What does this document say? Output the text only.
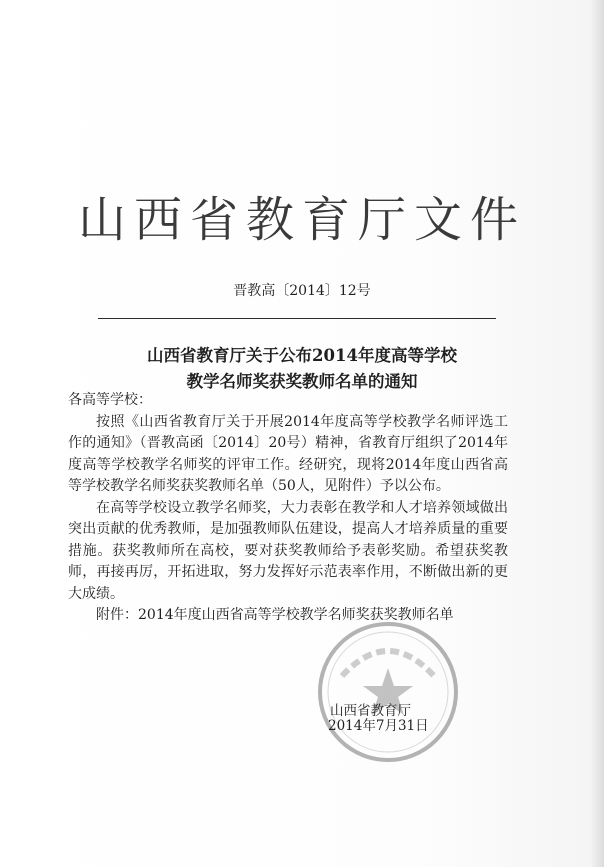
山西省教育厅文件
晋教高〔2014〕12号
山西省教育厅关于公布2014年度高等学校
教学名师奖获奖教师名单的通知

各高等学校：

按照《山西省教育厅关于开展2014年度高等学校教学名师评选工作的通知》（晋教高函〔2014〕20号）精神，省教育厅组织了2014年度高等学校教学名师奖的评审工作。经研究，现将2014年度山西省高等学校教学名师奖获奖教师名单（50人，见附件）予以公布。

在高等学校设立教学名师奖，大力表彰在教学和人才培养领域做出突出贡献的优秀教师，是加强教师队伍建设，提高人才培养质量的重要措施。获奖教师所在高校，要对获奖教师给予表彰奖励。希望获奖教师，再接再厉，开拓进取，努力发挥好示范表率作用，不断做出新的更大成绩。

附件：2014年度山西省高等学校教学名师奖获奖教师名单

山西省教育厅
2014年7月31日
